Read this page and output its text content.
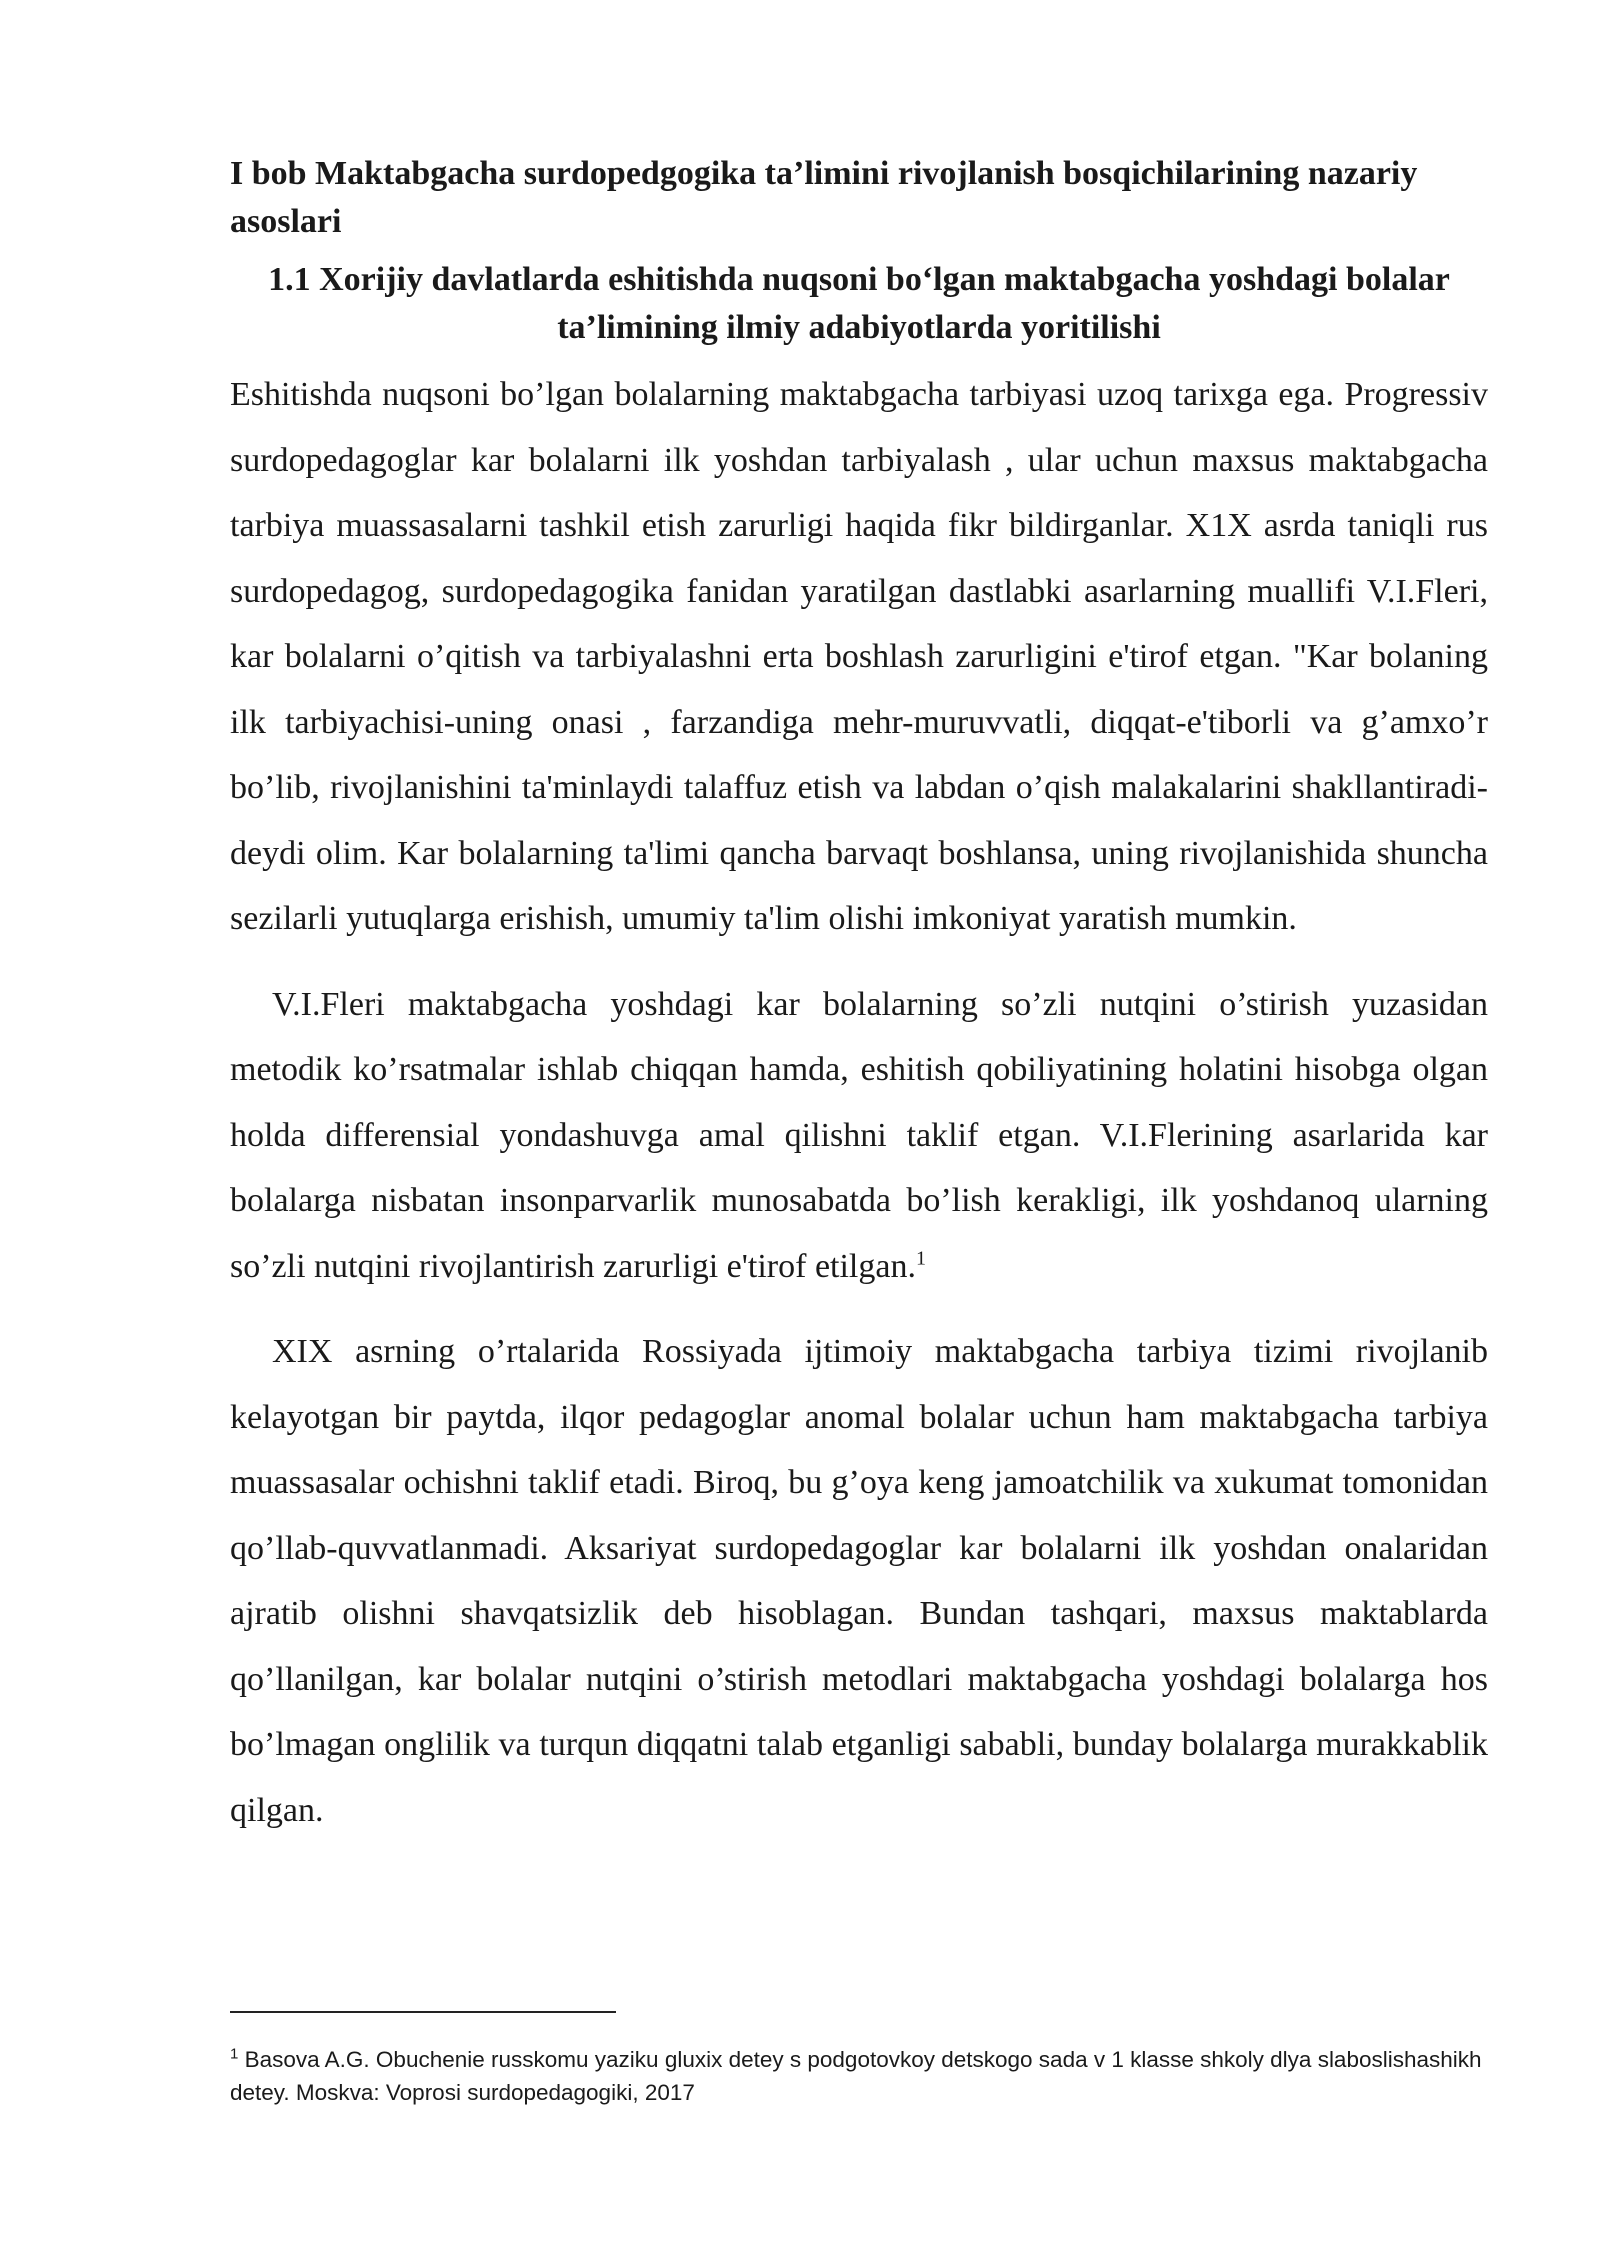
I bob Maktabgacha surdopedgogika ta’limini rivojlanish bosqichilarining nazariy asoslari
1.1 Xorijiy davlatlarda eshitishda nuqsoni boʻlgan maktabgacha yoshdagi bolalar ta’limining ilmiy adabiyotlarda yoritilishi

Eshitishda nuqsoni bo’lgan bolalarning maktabgacha tarbiyasi uzoq tarixga ega. Progressiv surdopedagoglar kar bolalarni ilk yoshdan tarbiyalash , ular uchun maxsus maktabgacha tarbiya muassasalarni tashkil etish zarurligi haqida fikr bildirganlar. X1X asrda taniqli rus surdopedagog, surdopedagogika fanidan yaratilgan dastlabki asarlarning muallifi V.I.Fleri, kar bolalarni o’qitish va tarbiyalashni erta boshlash zarurligini e'tirof etgan. "Kar bolaning ilk tarbiyachisi-uning onasi , farzandiga mehr-muruvvatli, diqqat-e'tiborli va g’amxo’r bo’lib, rivojlanishini ta'minlaydi talaffuz etish va labdan o’qish malakalarini shakllantiradi-deydi olim. Kar bolalarning ta'limi qancha barvaqt boshlansa, uning rivojlanishida shuncha sezilarli yutuqlarga erishish, umumiy ta'lim olishi imkoniyat yaratish mumkin.

V.I.Fleri maktabgacha yoshdagi kar bolalarning so’zli nutqini o’stirish yuzasidan metodik ko’rsatmalar ishlab chiqqan hamda, eshitish qobiliyatining holatini hisobga olgan holda differensial yondashuvga amal qilishni taklif etgan. V.I.Flerining asarlarida kar bolalarga nisbatan insonparvarlik munosabatda bo’lish kerakligi, ilk yoshdanoq ularning so’zli nutqini rivojlantirish zarurligi e'tirof etilgan.$^1$

XIX asrning o’rtalarida Rossiyada ijtimoiy maktabgacha tarbiya tizimi rivojlanib kelayotgan bir paytda, ilqor pedagoglar anomal bolalar uchun ham maktabgacha tarbiya muassasalar ochishni taklif etadi. Biroq, bu g’oya keng jamoatchilik va xukumat tomonidan qo’llab-quvvatlanmadi. Aksariyat surdopedagoglar kar bolalarni ilk yoshdan onalaridan ajratib olishni shavqatsizlik deb hisoblagan. Bundan tashqari, maxsus maktablarda qo’llanilgan, kar bolalar nutqini o’stirish metodlari maktabgacha yoshdagi bolalarga hos bo’lmagan onglilik va turqun diqqatni talab etganligi sababli, bunday bolalarga murakkablik qilgan.

$^1$ Basova A.G. Obuchenie russkomu yaziku gluxix detey s podgotovkoy detskogo sada v 1 klasse shkoly dlya slaboslishashikh detey. Moskva: Voprosi surdopedagogiki, 2017
